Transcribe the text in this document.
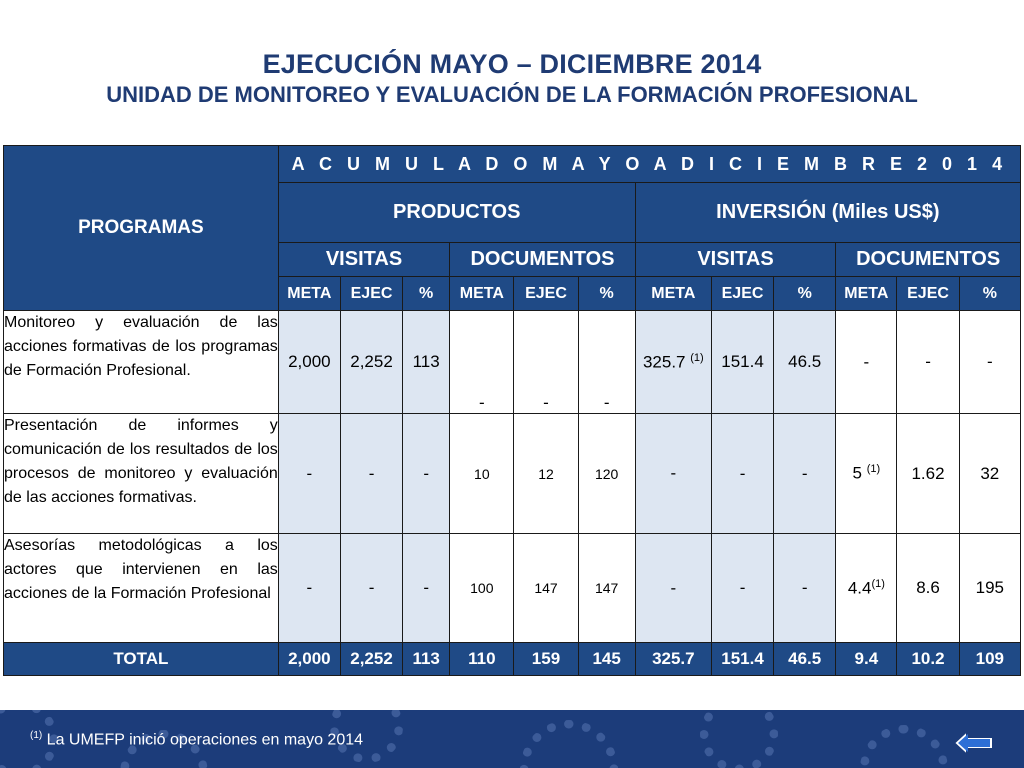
EJECUCIÓN MAYO – DICIEMBRE 2014
UNIDAD DE MONITOREO Y EVALUACIÓN DE LA FORMACIÓN PROFESIONAL
PROGRAMAS	A C U M U L A D O M A Y O A D I C I E M B R E 2 0 1 4											
	PRODUCTOS						INVERSIÓN (Miles US$)					
	VISITAS			DOCUMENTOS			VISITAS			DOCUMENTOS		
	META	EJEC	%	META	EJEC	%	META	EJEC	%	META	EJEC	%
Monitoreo y evaluación de las acciones formativas de los programas de Formación Profesional.	2,000	2,252	113	-	-	-	325.7 $^{(1)}$	151.4	46.5	-	-	-
Presentación de informes y comunicación de los resultados de los procesos de monitoreo y evaluación de las acciones formativas.	-	-	-	10	12	120	-	-	-	5 $^{(1)}$	1.62	32
Asesorías metodológicas a los actores que intervienen en las acciones de la Formación Profesional	-	-	-	100	147	147	-	-	-	4.4$^{(1)}$	8.6	195
TOTAL	2,000	2,252	113	110	159	145	325.7	151.4	46.5	9.4	10.2	109
$^{(1)}$ La UMEFP inició operaciones en mayo 2014
